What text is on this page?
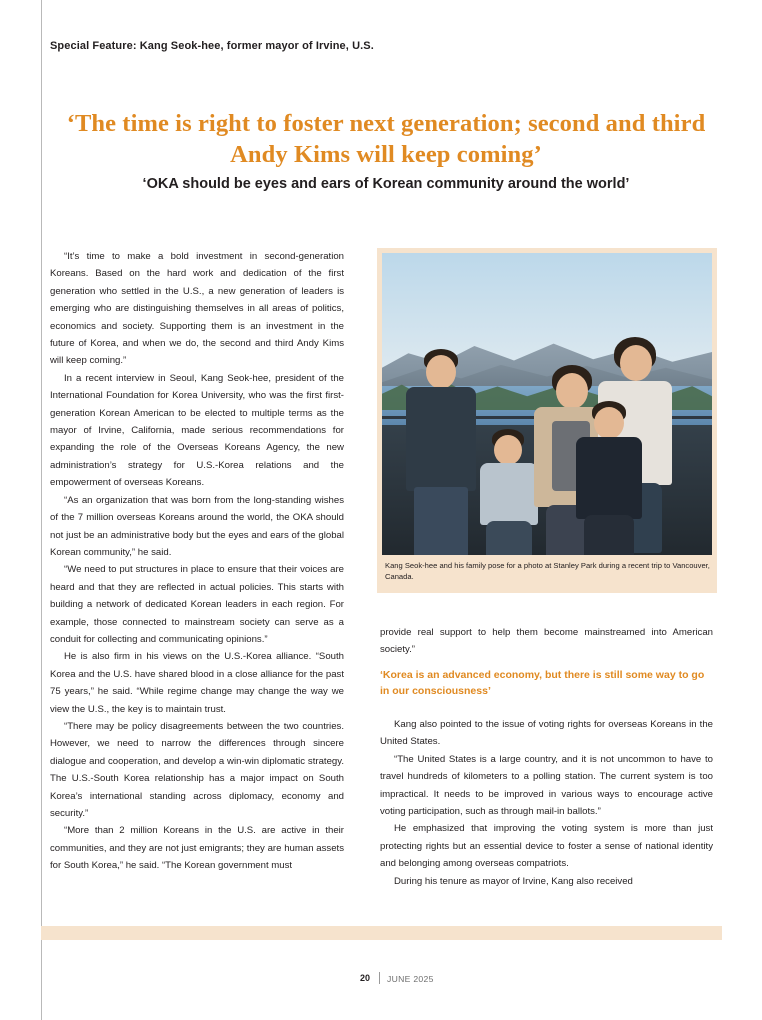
Special Feature: Kang Seok-hee, former mayor of Irvine, U.S.
‘The time is right to foster next generation; second and third Andy Kims will keep coming’
‘OKA should be eyes and ears of Korean community around the world’

“It’s time to make a bold investment in second-generation Koreans. Based on the hard work and dedication of the first generation who settled in the U.S., a new generation of leaders is emerging who are distinguishing themselves in all areas of politics, economics and society. Supporting them is an investment in the future of Korea, and when we do, the second and third Andy Kims will keep coming.”

In a recent interview in Seoul, Kang Seok-hee, president of the International Foundation for Korea University, who was the first first-generation Korean American to be elected to multiple terms as the mayor of Irvine, California, made serious recommendations for expanding the role of the Overseas Koreans Agency, the new administration’s strategy for U.S.-Korea relations and the empowerment of overseas Koreans.

“As an organization that was born from the long-standing wishes of the 7 million overseas Koreans around the world, the OKA should not just be an administrative body but the eyes and ears of the global Korean community,” he said.

“We need to put structures in place to ensure that their voices are heard and that they are reflected in actual policies. This starts with building a network of dedicated Korean leaders in each region. For example, those connected to mainstream society can serve as a conduit for collecting and communicating opinions.”

He is also firm in his views on the U.S.-Korea alliance. “South Korea and the U.S. have shared blood in a close alliance for the past 75 years,” he said. “While regime change may change the way we view the U.S., the key is to maintain trust.

“There may be policy disagreements between the two countries. However, we need to narrow the differences through sincere dialogue and cooperation, and develop a win-win diplomatic strategy. The U.S.-South Korea relationship has a major impact on South Korea’s international standing across diplomacy, economy and security.”

“More than 2 million Koreans in the U.S. are active in their communities, and they are not just emigrants; they are human assets for South Korea,” he said. “The Korean government must

Kang Seok-hee and his family pose for a photo at Stanley Park during a recent trip to Vancouver, Canada.

provide real support to help them become mainstreamed into American society.”

‘Korea is an advanced economy, but there is still some way to go in our consciousness’

Kang also pointed to the issue of voting rights for overseas Koreans in the United States.

“The United States is a large country, and it is not uncommon to have to travel hundreds of kilometers to a polling station. The current system is too impractical. It needs to be improved in various ways to encourage active voting participation, such as through mail-in ballots.”

He emphasized that improving the voting system is more than just protecting rights but an essential device to foster a sense of national identity and belonging among overseas compatriots.

During his tenure as mayor of Irvine, Kang also received

20 JUNE 2025
